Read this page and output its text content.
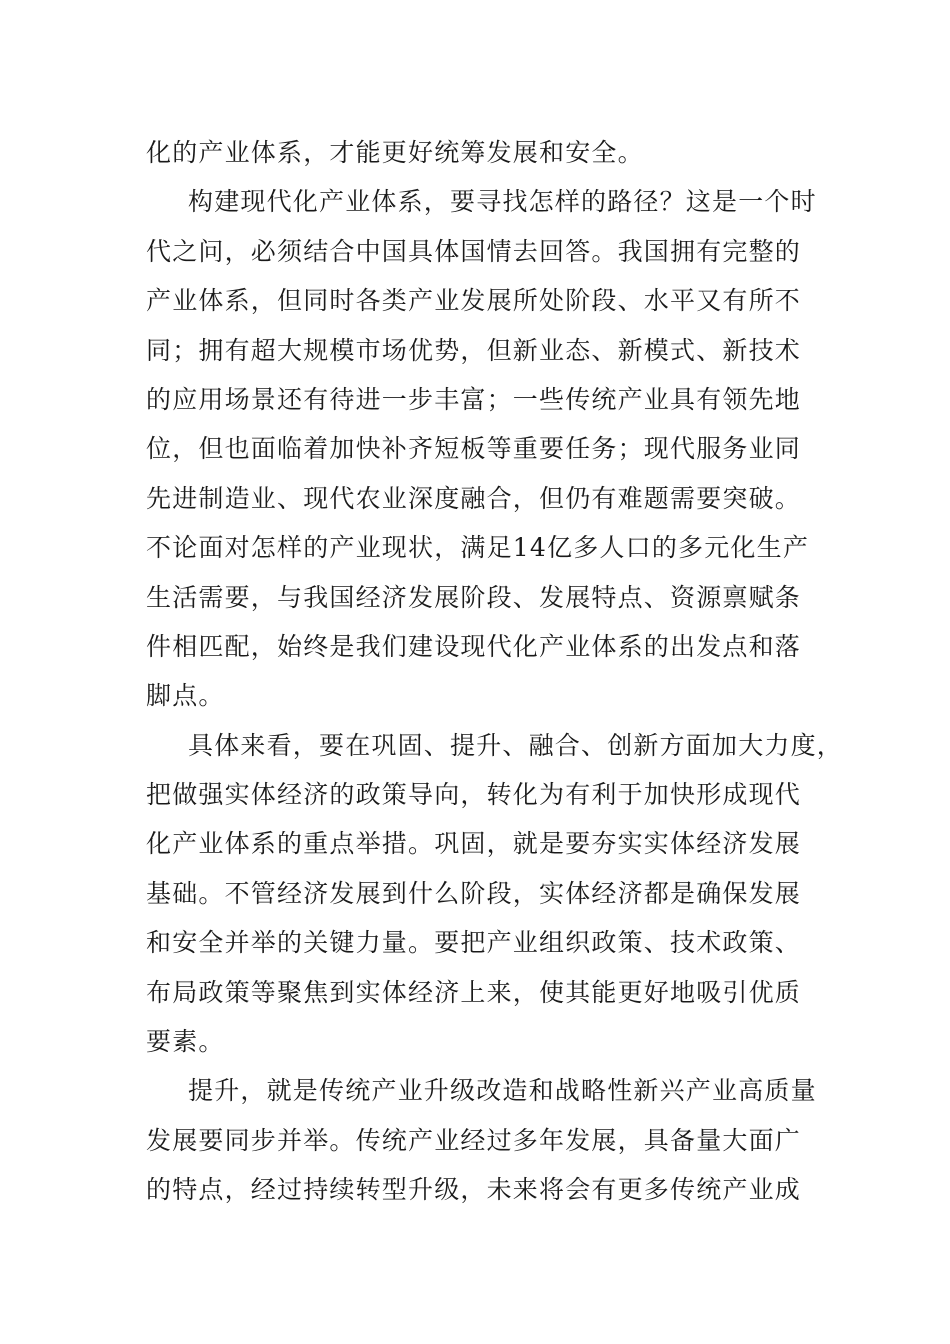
化的产业体系，才能更好统筹发展和安全。
构建现代化产业体系，要寻找怎样的路径？这是一个时
代之问，必须结合中国具体国情去回答。我国拥有完整的
产业体系，但同时各类产业发展所处阶段、水平又有所不
同；拥有超大规模市场优势，但新业态、新模式、新技术
的应用场景还有待进一步丰富；一些传统产业具有领先地
位，但也面临着加快补齐短板等重要任务；现代服务业同
先进制造业、现代农业深度融合，但仍有难题需要突破。
不论面对怎样的产业现状，满足14亿多人口的多元化生产
生活需要，与我国经济发展阶段、发展特点、资源禀赋条
件相匹配，始终是我们建设现代化产业体系的出发点和落
脚点。
具体来看，要在巩固、提升、融合、创新方面加大力度，
把做强实体经济的政策导向，转化为有利于加快形成现代
化产业体系的重点举措。巩固，就是要夯实实体经济发展
基础。不管经济发展到什么阶段，实体经济都是确保发展
和安全并举的关键力量。要把产业组织政策、技术政策、
布局政策等聚焦到实体经济上来，使其能更好地吸引优质
要素。
提升，就是传统产业升级改造和战略性新兴产业高质量
发展要同步并举。传统产业经过多年发展，具备量大面广
的特点，经过持续转型升级，未来将会有更多传统产业成
